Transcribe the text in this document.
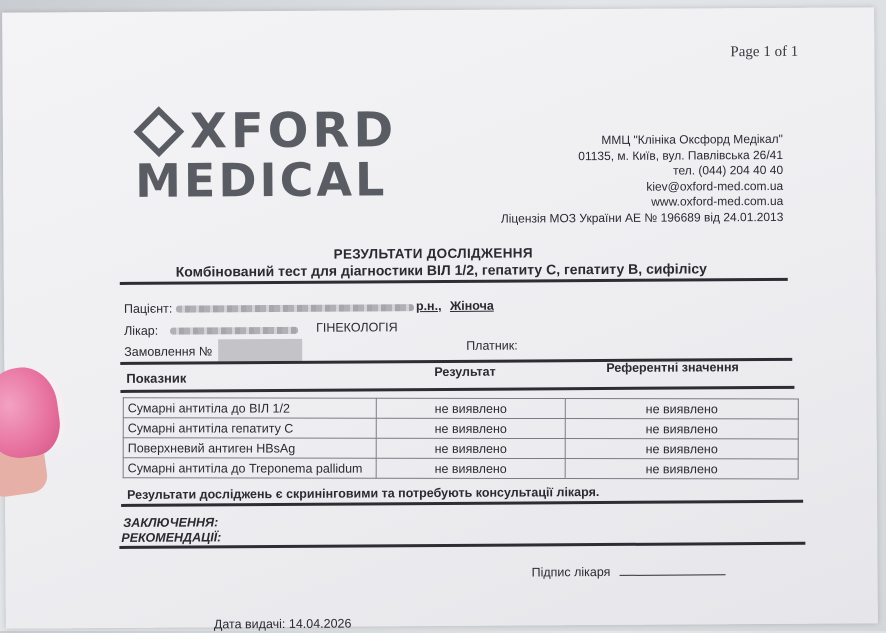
Page 1 of 1
XFORD
MEDICAL
ММЦ "Клініка Оксфорд Медікал"
01135, м. Київ, вул. Павлівська 26/41
тел. (044) 204 40 40
kiev@oxford-med.com.ua
www.oxford-med.com.ua
Ліцензія МОЗ України АЕ № 196689 від 24.01.2013
РЕЗУЛЬТАТИ ДОСЛІДЖЕННЯ
Комбінований тест для діагностики ВІЛ 1/2, гепатиту С, гепатиту В, сифілісу
Пацієнт:	р.н., Жіноча
Лікар:	ГІНЕКОЛОГІЯ
Замовлення №	Платник:
Показник	Результат	Референтні значення
Сумарні антитіла до ВІЛ 1/2	не виявлено	не виявлено
Сумарні антитіла гепатиту С	не виявлено	не виявлено
Поверхневий антиген HBsAg	не виявлено	не виявлено
Сумарні антитіла до Treponema pallidum	не виявлено	не виявлено
Результати досліджень є скринінговими та потребують консультації лікаря.
ЗАКЛЮЧЕННЯ:
РЕКОМЕНДАЦІЇ:
Підпис лікаря
Дата видачі: 14.04.2026
